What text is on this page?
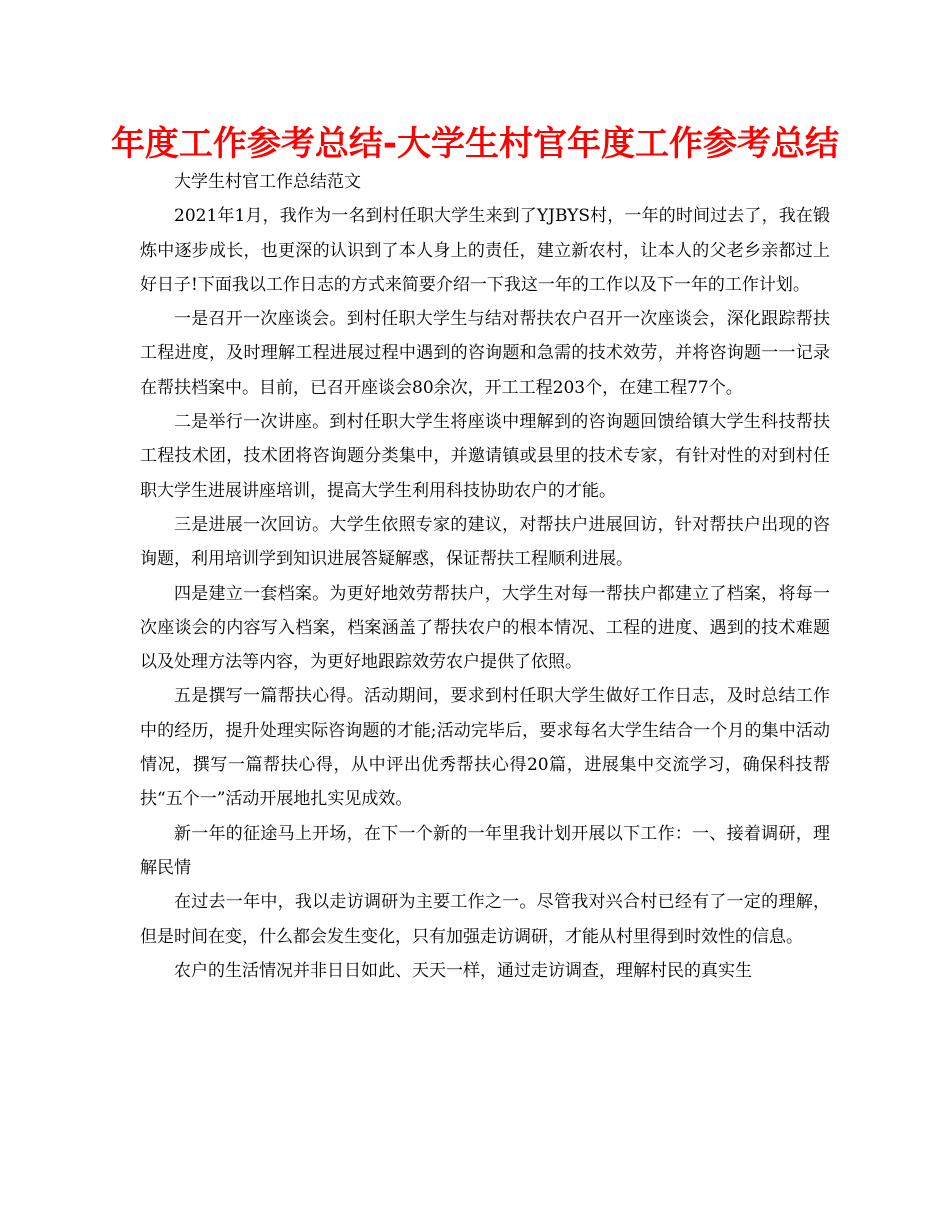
年度工作参考总结-大学生村官年度工作参考总结

大学生村官工作总结范文

2021年1月，我作为一名到村任职大学生来到了YJBYS村，一年的时间过去了，我在锻炼中逐步成长，也更深的认识到了本人身上的责任，建立新农村，让本人的父老乡亲都过上好日子!下面我以工作日志的方式来简要介绍一下我这一年的工作以及下一年的工作计划。

一是召开一次座谈会。到村任职大学生与结对帮扶农户召开一次座谈会，深化跟踪帮扶工程进度，及时理解工程进展过程中遇到的咨询题和急需的技术效劳，并将咨询题一一记录在帮扶档案中。目前，已召开座谈会80余次，开工工程203个，在建工程77个。

二是举行一次讲座。到村任职大学生将座谈中理解到的咨询题回馈给镇大学生科技帮扶工程技术团，技术团将咨询题分类集中，并邀请镇或县里的技术专家，有针对性的对到村任职大学生进展讲座培训，提高大学生利用科技协助农户的才能。

三是进展一次回访。大学生依照专家的建议，对帮扶户进展回访，针对帮扶户出现的咨询题，利用培训学到知识进展答疑解惑，保证帮扶工程顺利进展。

四是建立一套档案。为更好地效劳帮扶户，大学生对每一帮扶户都建立了档案，将每一次座谈会的内容写入档案，档案涵盖了帮扶农户的根本情况、工程的进度、遇到的技术难题以及处理方法等内容，为更好地跟踪效劳农户提供了依照。

五是撰写一篇帮扶心得。活动期间，要求到村任职大学生做好工作日志，及时总结工作中的经历，提升处理实际咨询题的才能;活动完毕后，要求每名大学生结合一个月的集中活动情况，撰写一篇帮扶心得，从中评出优秀帮扶心得20篇，进展集中交流学习，确保科技帮扶“五个一”活动开展地扎实见成效。

新一年的征途马上开场，在下一个新的一年里我计划开展以下工作：一、接着调研，理解民情

在过去一年中，我以走访调研为主要工作之一。尽管我对兴合村已经有了一定的理解，但是时间在变，什么都会发生变化，只有加强走访调研，才能从村里得到时效性的信息。

农户的生活情况并非日日如此、天天一样，通过走访调查，理解村民的真实生
